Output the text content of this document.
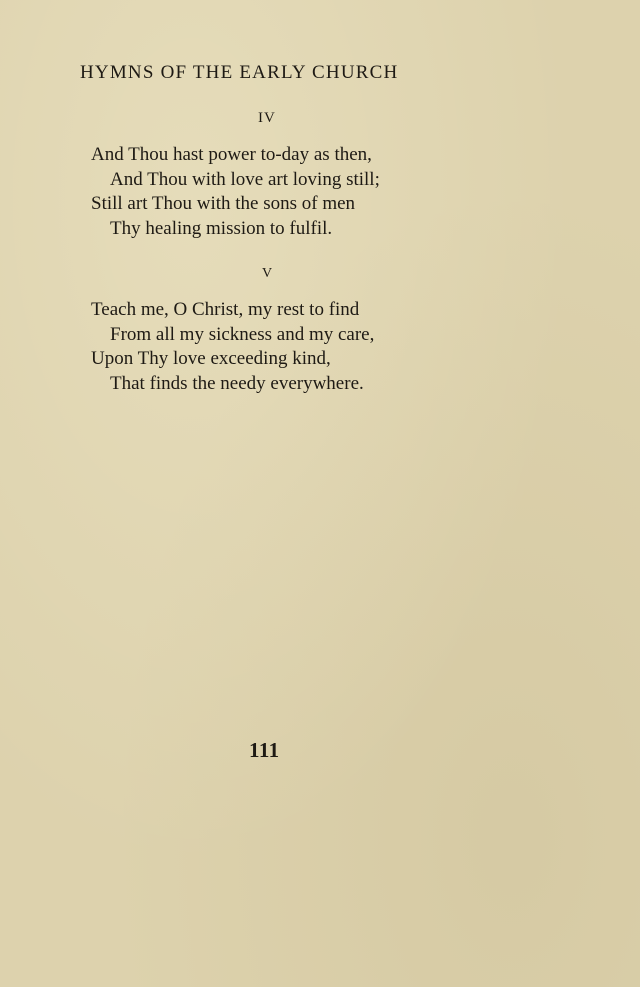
HYMNS OF THE EARLY CHURCH
IV
And Thou hast power to-day as then,
And Thou with love art loving still;
Still art Thou with the sons of men
Thy healing mission to fulfil.
V
Teach me, O Christ, my rest to find
From all my sickness and my care,
Upon Thy love exceeding kind,
That finds the needy everywhere.
111
